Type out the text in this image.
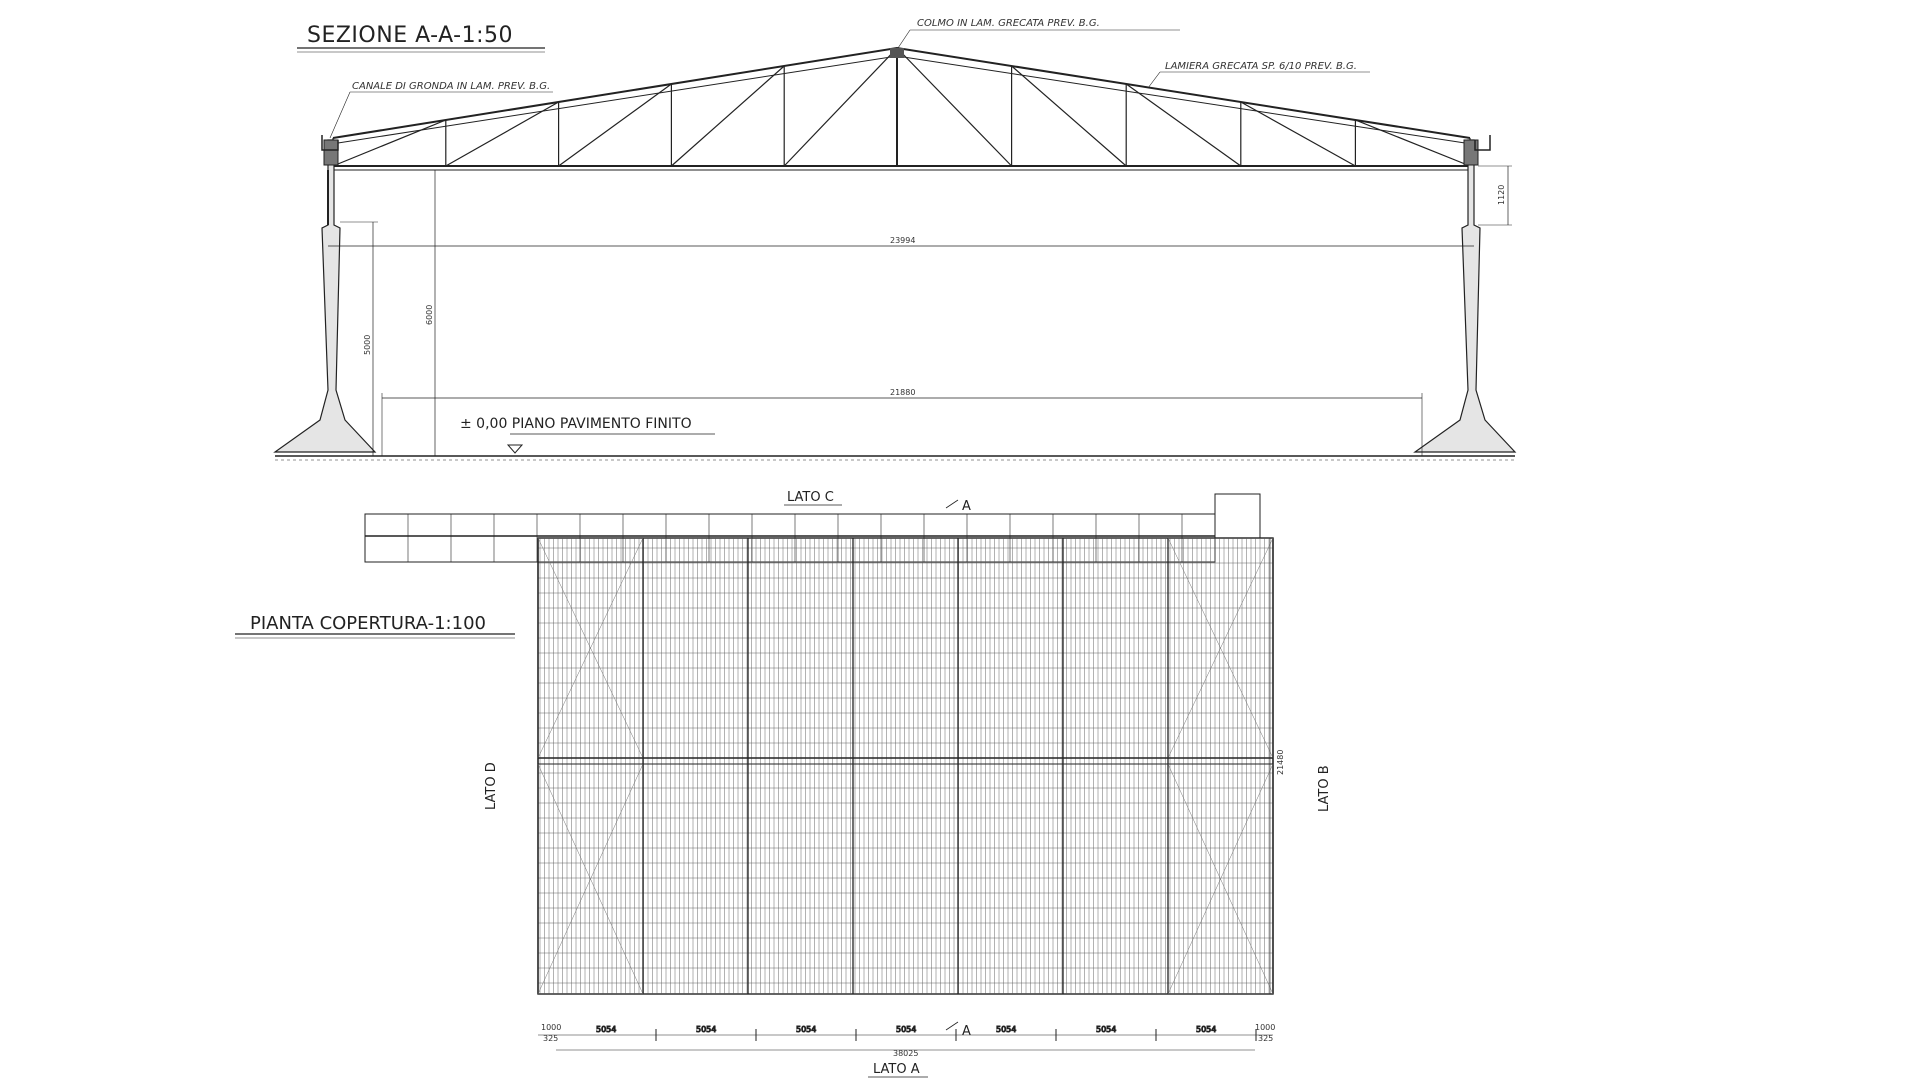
SEZIONE A-A-1:50
23994
21880
5000
6000
1120
± 0,00 PIANO PAVIMENTO FINITO
CANALE DI GRONDA IN LAM. PREV. B.G.
COLMO IN LAM. GRECATA PREV. B.G.
LAMIERA GRECATA SP. 6/10 PREV. B.G.
PIANTA COPERTURA-1:100
LATO C
LATO A
LATO D	LATO B
A
A
21480
5054	5054	5054	5054	5054	5054	5054
38025
1000
325
1000
325
